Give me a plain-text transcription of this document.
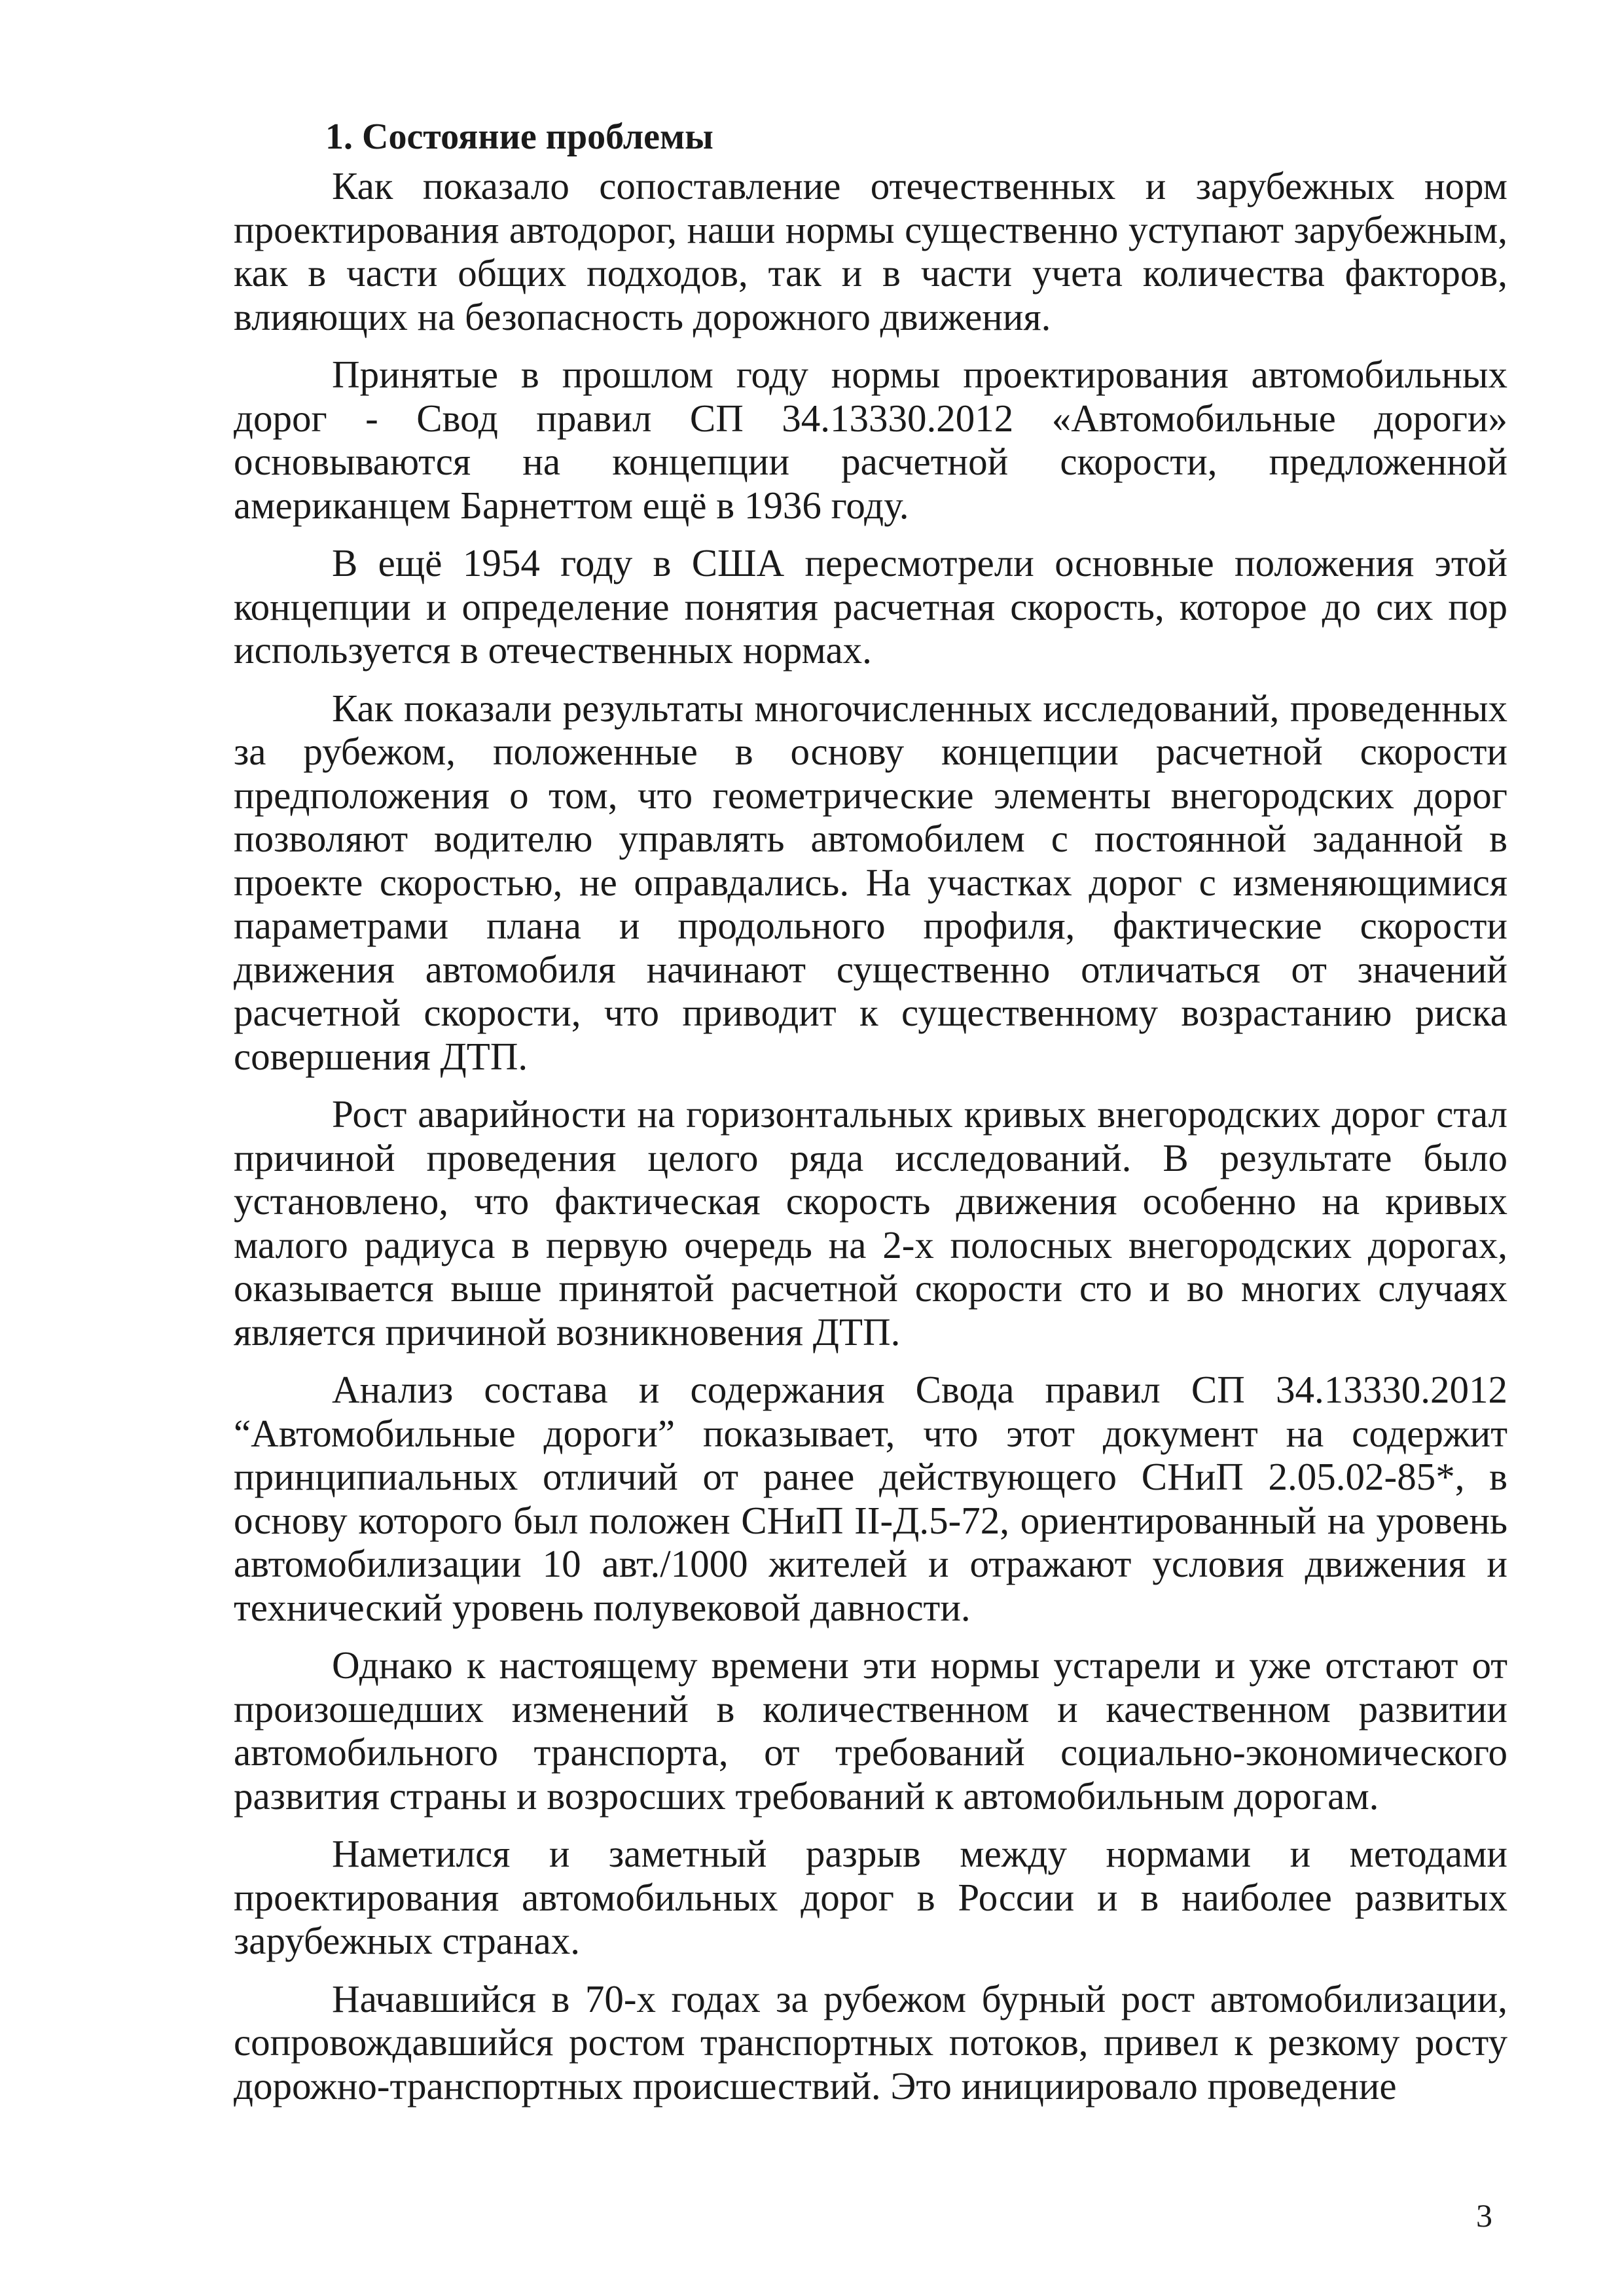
1. Состояние проблемы

Как показало сопоставление отечественных и зарубежных норм проектирования автодорог, наши нормы существенно уступают зарубежным, как в части общих подходов, так и в части учета количества факторов, влияющих на безопасность дорожного движения.

Принятые в прошлом году нормы проектирования автомобильных дорог - Свод правил СП 34.13330.2012 «Автомобильные дороги» основываются на концепции расчетной скорости, предложенной американцем Барнеттом ещё в 1936 году.

В ещё 1954 году в США пересмотрели основные положения этой концепции и определение понятия расчетная скорость, которое до сих пор используется в отечественных нормах.

Как показали результаты многочисленных исследований, проведенных за рубежом, положенные в основу концепции расчетной скорости предположения о том, что геометрические элементы внегородских дорог позволяют водителю управлять автомобилем с постоянной заданной в проекте скоростью, не оправдались. На участках дорог с изменяющимися параметрами плана и продольного профиля, фактические скорости движения автомобиля начинают существенно отличаться от значений расчетной скорости, что приводит к существенному возрастанию риска совершения ДТП.

Рост аварийности на горизонтальных кривых внегородских дорог стал причиной проведения целого ряда исследований. В результате было установлено, что фактическая скорость движения особенно на кривых малого радиуса в первую очередь на 2-х полосных внегородских дорогах, оказывается выше принятой расчетной скорости сто и во многих случаях является причиной возникновения ДТП.

Анализ состава и содержания Свода правил СП 34.13330.2012 “Автомобильные дороги” показывает, что этот документ на содержит принципиальных отличий от ранее действующего СНиП 2.05.02-85*, в основу которого был положен СНиП II-Д.5-72, ориентированный на уровень автомобилизации 10 авт./1000 жителей и отражают условия движения и технический уровень полувековой давности.

Однако к настоящему времени эти нормы устарели и уже отстают от произошедших изменений в количественном и качественном развитии автомобильного транспорта, от требований социально-экономического развития страны и возросших требований к автомобильным дорогам.

Наметился и заметный разрыв между нормами и методами проектирования автомобильных дорог в России и в наиболее развитых зарубежных странах.

Начавшийся в 70-х годах за рубежом бурный рост автомобилизации, сопровождавшийся ростом транспортных потоков, привел к резкому росту дорожно-транспортных происшествий. Это инициировало проведение

3
